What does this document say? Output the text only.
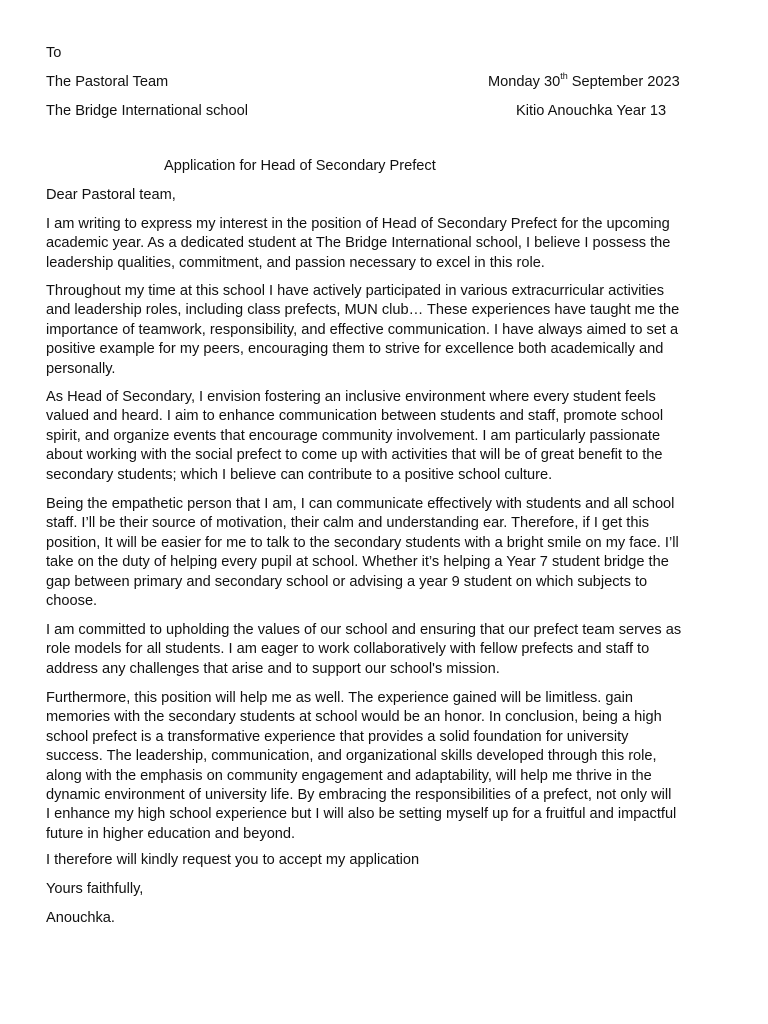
To
The Pastoral Team
The Bridge International school
Monday 30th September 2023
Kitio Anouchka Year 13
Application for Head of Secondary Prefect
Dear Pastoral team,
I am writing to express my interest in the position of Head of Secondary Prefect for the upcoming
academic year. As a dedicated student at The Bridge International school, I believe I possess the
leadership qualities, commitment, and passion necessary to excel in this role.
Throughout my time at this school I have actively participated in various extracurricular activities
and leadership roles, including class prefects, MUN club… These experiences have taught me the
importance of teamwork, responsibility, and effective communication. I have always aimed to set a
positive example for my peers, encouraging them to strive for excellence both academically and
personally.
As Head of Secondary, I envision fostering an inclusive environment where every student feels
valued and heard. I aim to enhance communication between students and staff, promote school
spirit, and organize events that encourage community involvement. I am particularly passionate
about working with the social prefect to come up with activities that will be of great benefit to the
secondary students; which I believe can contribute to a positive school culture.
Being the empathetic person that I am, I can communicate effectively with students and all school
staff. I’ll be their source of motivation, their calm and understanding ear. Therefore, if I get this
position, It will be easier for me to talk to the secondary students with a bright smile on my face. I’ll
take on the duty of helping every pupil at school. Whether it’s helping a Year 7 student bridge the
gap between primary and secondary school or advising a year 9 student on which subjects to
choose.
I am committed to upholding the values of our school and ensuring that our prefect team serves as
role models for all students. I am eager to work collaboratively with fellow prefects and staff to
address any challenges that arise and to support our school's mission.
Furthermore, this position will help me as well. The experience gained will be limitless. gain
memories with the secondary students at school would be an honor. In conclusion, being a high
school prefect is a transformative experience that provides a solid foundation for university
success. The leadership, communication, and organizational skills developed through this role,
along with the emphasis on community engagement and adaptability, will help me thrive in the
dynamic environment of university life. By embracing the responsibilities of a prefect, not only will
I enhance my high school experience but I will also be setting myself up for a fruitful and impactful
future in higher education and beyond.
I therefore will kindly request you to accept my application
Yours faithfully,
Anouchka.
